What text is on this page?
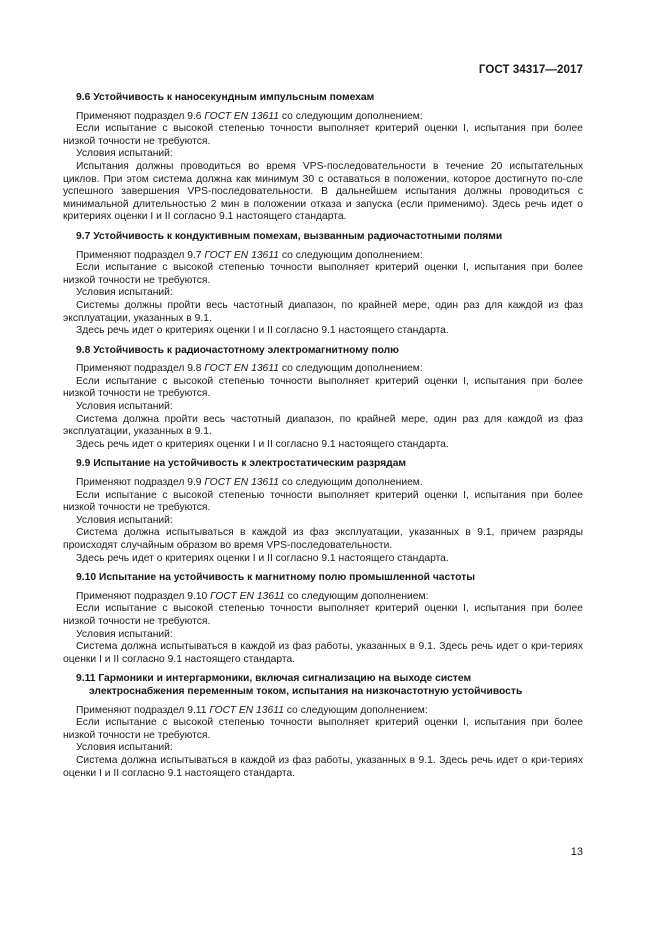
ГОСТ 34317—2017
9.6 Устойчивость к наносекундным импульсным помехам

Применяют подраздел 9.6 ГОСТ EN 13611 со следующим дополнением:

Если испытание с высокой степенью точности выполняет критерий оценки I, испытания при более низкой точности не требуются.

Условия испытаний:

Испытания должны проводиться во время VPS-последовательности в течение 20 испытательных циклов. При этом система должна как минимум 30 с оставаться в положении, которое достигнуто по-сле успешного завершения VPS-последовательности. В дальнейшем испытания должны проводиться с минимальной длительностью 2 мин в положении отказа и запуска (если применимо). Здесь речь идет о критериях оценки I и II согласно 9.1 настоящего стандарта.

9.7 Устойчивость к кондуктивным помехам, вызванным радиочастотными полями

Применяют подраздел 9.7 ГОСТ EN 13611 со следующим дополнением:

Если испытание с высокой степенью точности выполняет критерий оценки I, испытания при более низкой точности не требуются.

Условия испытаний:

Системы должны пройти весь частотный диапазон, по крайней мере, один раз для каждой из фаз эксплуатации, указанных в 9.1.

Здесь речь идет о критериях оценки I и II согласно 9.1 настоящего стандарта.

9.8 Устойчивость к радиочастотному электромагнитному полю

Применяют подраздел 9.8 ГОСТ EN 13611 со следующим дополнением:

Если испытание с высокой степенью точности выполняет критерий оценки I, испытания при более низкой точности не требуются.

Условия испытаний:

Система должна пройти весь частотный диапазон, по крайней мере, один раз для каждой из фаз эксплуатации, указанных в 9.1.

Здесь речь идет о критериях оценки I и II согласно 9.1 настоящего стандарта.

9.9 Испытание на устойчивость к электростатическим разрядам

Применяют подраздел 9.9 ГОСТ EN 13611 со следующим дополнением.

Если испытание с высокой степенью точности выполняет критерий оценки I, испытания при более низкой точности не требуются.

Условия испытаний:

Система должна испытываться в каждой из фаз эксплуатации, указанных в 9.1, причем разряды происходят случайным образом во время VPS-последовательности.

Здесь речь идет о критериях оценки I и II согласно 9.1 настоящего стандарта.

9.10 Испытание на устойчивость к магнитному полю промышленной частоты

Применяют подраздел 9.10 ГОСТ EN 13611 со следующим дополнением:

Если испытание с высокой степенью точности выполняет критерий оценки I, испытания при более низкой точности не требуются.

Условия испытаний:

Система должна испытываться в каждой из фаз работы, указанных в 9.1. Здесь речь идет о кри-териях оценки I и II согласно 9.1 настоящего стандарта.

9.11 Гармоники и интергармоники, включая сигнализацию на выходе систем
электроснабжения переменным током, испытания на низкочастотную устойчивость

Применяют подраздел 9.11 ГОСТ EN 13611 со следующим дополнением:

Если испытание с высокой степенью точности выполняет критерий оценки I, испытания при более низкой точности не требуются.

Условия испытаний:

Система должна испытываться в каждой из фаз работы, указанных в 9.1. Здесь речь идет о кри-териях оценки I и II согласно 9.1 настоящего стандарта.

13
